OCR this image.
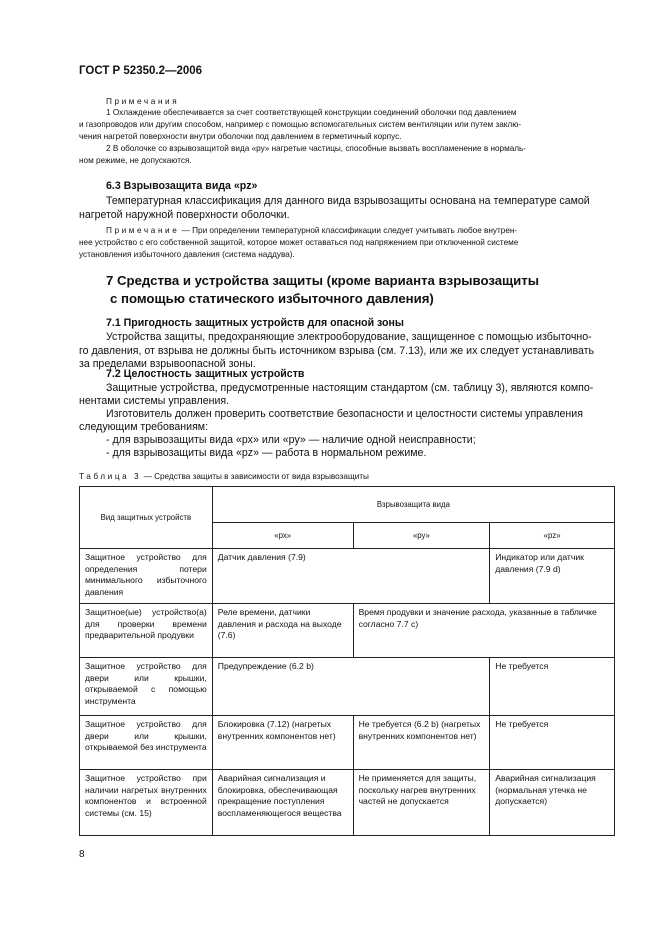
ГОСТ Р 52350.2—2006
Примечания
1 Охлаждение обеспечивается за счет соответствующей конструкции соединений оболочки под давлением
и газопроводов или другим способом, например с помощью вспомогательных систем вентиляции или путем заклю-
чения нагретой поверхности внутри оболочки под давлением в герметичный корпус.
2 В оболочке со взрывозащитой вида «ру» нагретые частицы, способные вызвать воспламенение в нормаль-
ном режиме, не допускаются.
6.3 Взрывозащита вида «pz»
Температурная классификация для данного вида взрывозащиты основана на температуре самой
нагретой наружной поверхности оболочки.
Примечание — При определении температурной классификации следует учитывать любое внутрен-
нее устройство с его собственной защитой, которое может оставаться под напряжением при отключенной системе
установления избыточного давления (система наддува).
7 Средства и устройства защиты (кроме варианта взрывозащиты
с помощью статического избыточного давления)
7.1 Пригодность защитных устройств для опасной зоны
Устройства защиты, предохраняющие электрооборудование, защищенное с помощью избыточно-
го давления, от взрыва не должны быть источником взрыва (см. 7.13), или же их следует устанавливать
за пределами взрывоопасной зоны.
7.2 Целостность защитных устройств
Защитные устройства, предусмотренные настоящим стандартом (см. таблицу 3), являются компо-
нентами системы управления.
Изготовитель должен проверить соответствие безопасности и целостности системы управления
следующим требованиям:
- для взрывозащиты вида «рх» или «ру» — наличие одной неисправности;
- для взрывозащиты вида «pz» — работа в нормальном режиме.
Таблица 3 — Средства защиты в зависимости от вида взрывозащиты
Вид защитных устройств	Взрывозащита вида		
	«рх»	«ру»	«pz»
Защитное устройство для определения потери минимального избыточного давления	Датчик давления (7.9)		Индикатор или датчик давления (7.9 d)
Защитное(ые) устройство(а) для проверки времени предварительной продувки	Реле времени, датчики давления и расхода на выходе (7.6)	Время продувки и значение расхода, указанные в табличке согласно 7.7 с)	
Защитное устройство для двери или крышки, открываемой с помощью инструмента	Предупреждение (6.2 b)		Не требуется
Защитное устройство для двери или крышки, открываемой без инструмента	Блокировка (7.12) (нагретых внутренних компонентов нет)	Не требуется (6.2 b) (нагретых внутренних компонентов нет)	Не требуется
Защитное устройство при наличии нагретых внутренних компонентов и встроенной системы (см. 15)	Аварийная сигнализация и блокировка, обеспечивающая прекращение поступления воспламеняющегося вещества	Не применяется для защиты, поскольку нагрев внутренних частей не допускается	Аварийная сигнализация (нормальная утечка не допускается)
8
